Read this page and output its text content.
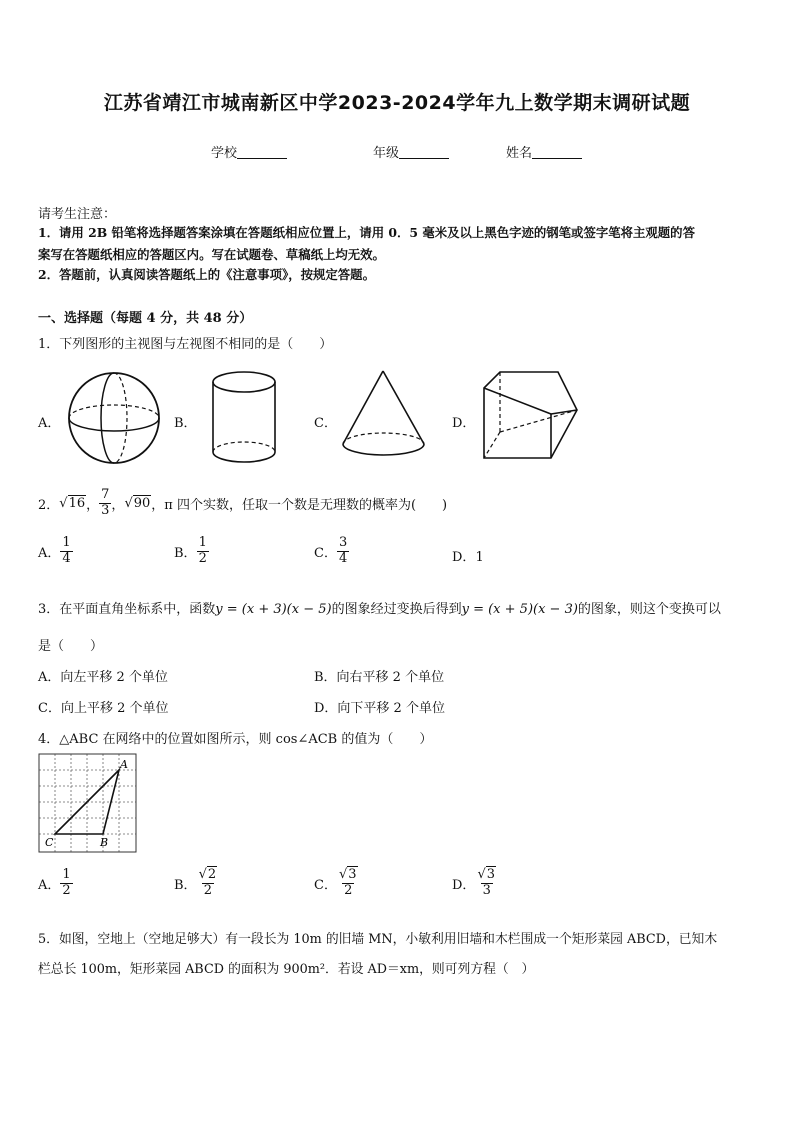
江苏省靖江市城南新区中学2023-2024学年九上数学期末调研试题
学校	年级	姓名
请考生注意：
1．请用 2B 铅笔将选择题答案涂填在答题纸相应位置上，请用 0．5 毫米及以上黑色字迹的钢笔或签字笔将主观题的答
案写在答题纸相应的答题区内。写在试题卷、草稿纸上均无效。
2．答题前，认真阅读答题纸上的《注意事项》，按规定答题。
一、选择题（每题 4 分，共 48 分）
1．下列图形的主视图与左视图不相同的是（　　）
A．	B．	C．	D．
2． √16 ， $\frac{7}{3}$ ， √90 ，π 四个实数，任取一个数是无理数的概率为(　　)
A． $\frac{1}{4}$	B． $\frac{1}{2}$	C． $\frac{3}{4}$	D．1
3．在平面直角坐标系中，函数y = (x + 3)(x − 5)的图象经过变换后得到y = (x + 5)(x − 3)的图象，则这个变换可以
是（　　）
A．向左平移 2 个单位	B．向右平移 2 个单位
C．向上平移 2 个单位	D．向下平移 2 个单位
4．△ABC 在网络中的位置如图所示，则 cos∠ACB 的值为（　　）
A
C	B
A． $\frac{1}{2}$	B． $\frac{√2}{2}$	C． $\frac{√3}{2}$	D． $\frac{√3}{3}$
5．如图，空地上（空地足够大）有一段长为 10m 的旧墙 MN，小敏利用旧墙和木栏围成一个矩形菜园 ABCD，已知木
栏总长 100m，矩形菜园 ABCD 的面积为 900m²．若设 AD＝xm，则可列方程（　）
